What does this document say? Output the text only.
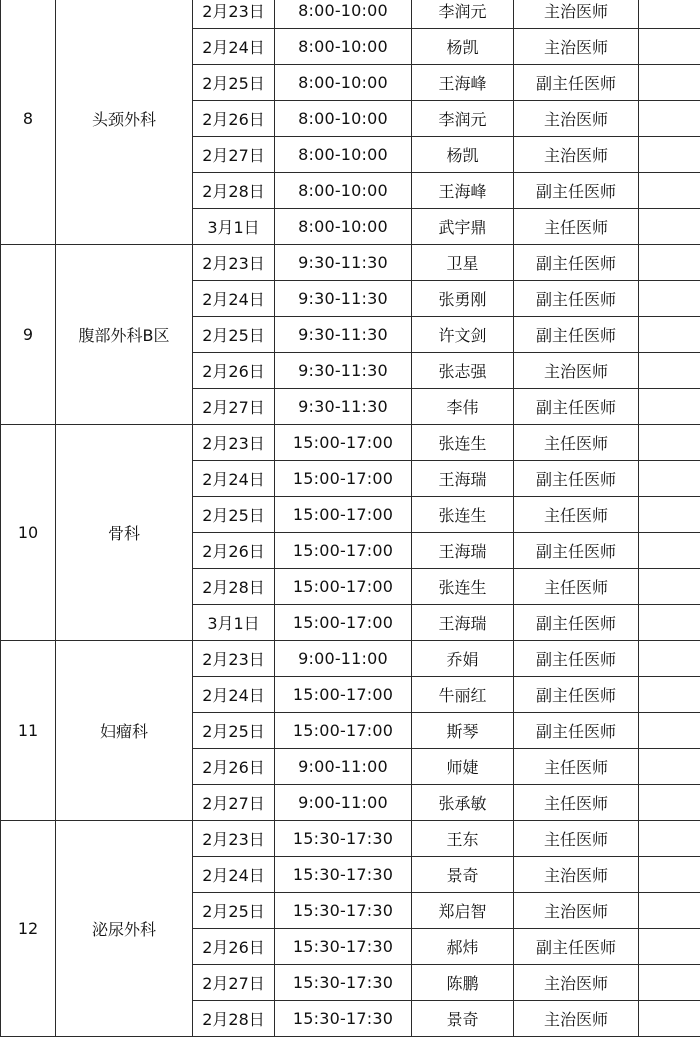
8	头颈外科	2月23日	8:00-10:00	李润元	主治医师	
		2月24日	8:00-10:00	杨凯	主治医师	
		2月25日	8:00-10:00	王海峰	副主任医师	
		2月26日	8:00-10:00	李润元	主治医师	
		2月27日	8:00-10:00	杨凯	主治医师	
		2月28日	8:00-10:00	王海峰	副主任医师	
		3月1日	8:00-10:00	武宇鼎	主任医师	
9	腹部外科B区	2月23日	9:30-11:30	卫星	副主任医师	
		2月24日	9:30-11:30	张勇刚	副主任医师	
		2月25日	9:30-11:30	许文剑	副主任医师	
		2月26日	9:30-11:30	张志强	主治医师	
		2月27日	9:30-11:30	李伟	副主任医师	
10	骨科	2月23日	15:00-17:00	张连生	主任医师	
		2月24日	15:00-17:00	王海瑞	副主任医师	
		2月25日	15:00-17:00	张连生	主任医师	
		2月26日	15:00-17:00	王海瑞	副主任医师	
		2月28日	15:00-17:00	张连生	主任医师	
		3月1日	15:00-17:00	王海瑞	副主任医师	
11	妇瘤科	2月23日	9:00-11:00	乔娟	副主任医师	
		2月24日	15:00-17:00	牛丽红	副主任医师	
		2月25日	15:00-17:00	斯琴	副主任医师	
		2月26日	9:00-11:00	师婕	主任医师	
		2月27日	9:00-11:00	张承敏	主任医师	
12	泌尿外科	2月23日	15:30-17:30	王东	主任医师	
		2月24日	15:30-17:30	景奇	主治医师	
		2月25日	15:30-17:30	郑启智	主治医师	
		2月26日	15:30-17:30	郝炜	副主任医师	
		2月27日	15:30-17:30	陈鹏	主治医师	
		2月28日	15:30-17:30	景奇	主治医师	
